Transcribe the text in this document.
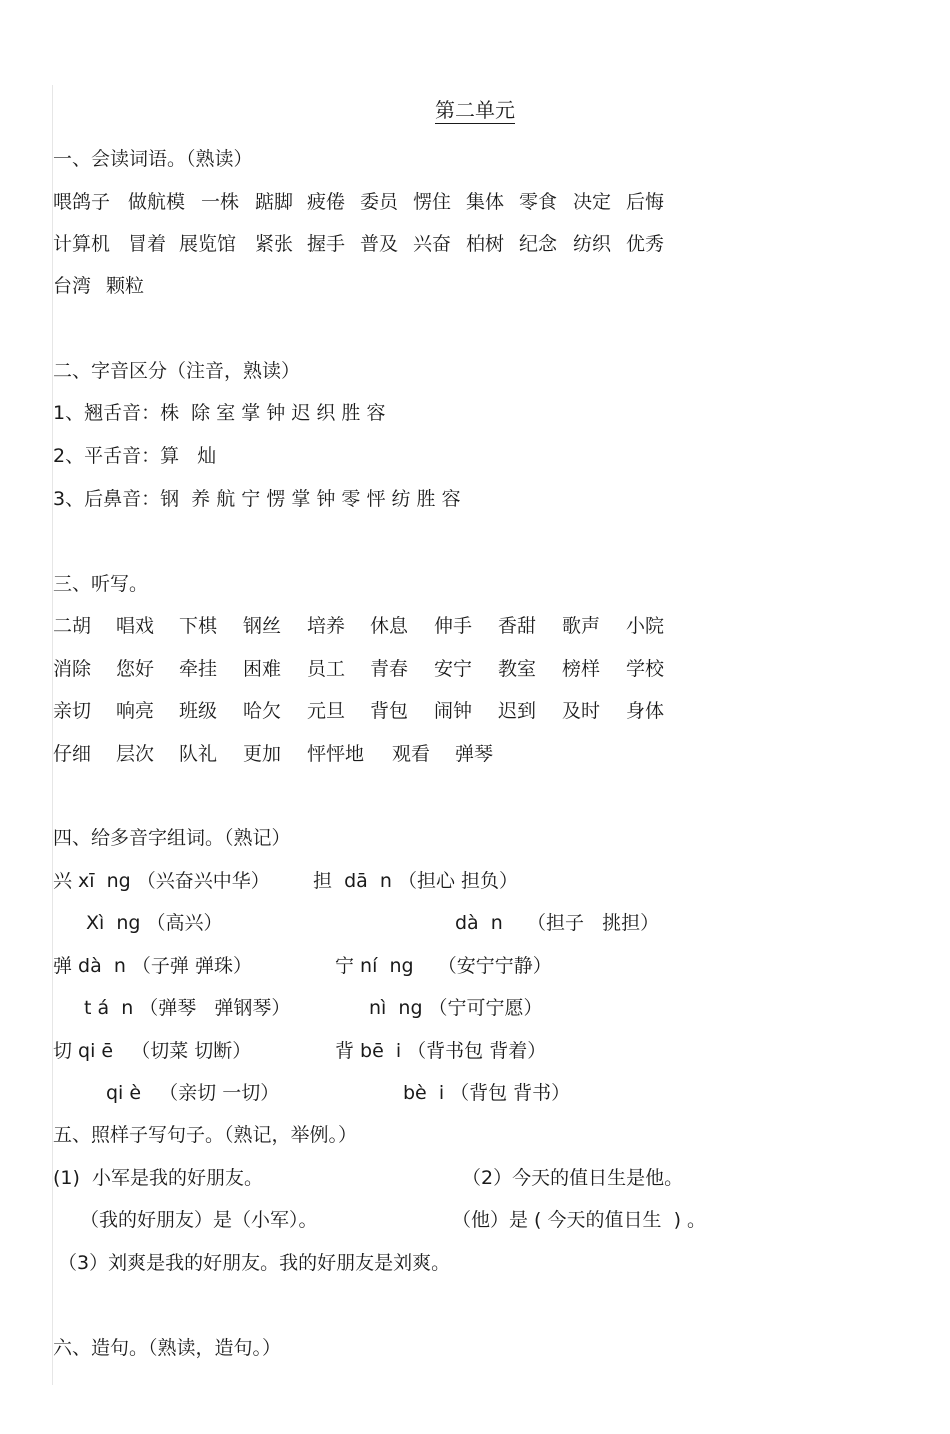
第二单元
一、会读词语。（熟读）
喂鸽子 做航模 一株 踮脚 疲倦 委员 愣住 集体 零食 决定 后悔
计算机 冒着 展览馆 紧张 握手 普及 兴奋 柏树 纪念 纺织 优秀
台湾 颗粒
二、字音区分（注音，熟读）
1、翘舌音：株  除 室 掌 钟 迟 织 胜 容
2、平舌音：算   灿
3、后鼻音：钢  养 航 宁 愣 掌 钟 零 怦 纺 胜 容
三、听写。
二胡 唱戏 下棋 钢丝 培养 休息 伸手 香甜 歌声 小院
消除 您好 牵挂 困难 员工 青春 安宁 教室 榜样 学校
亲切 响亮 班级 哈欠 元旦 背包 闹钟 迟到 及时 身体
仔细 层次 队礼 更加 怦怦地 观看 弹琴
四、给多音字组词。（熟记）
兴 xī  ng （兴奋兴中华） 担  dā  n （担心 担负）
Xì  ng （高兴）	dà  n    （担子   挑担）
弹 dà  n （子弹 弹珠）	宁 ní  ng    （安宁宁静）
t á  n （弹琴   弹钢琴）	nì  ng （宁可宁愿）
切 qi ē   （切菜 切断）	背 bē  i （背书包 背着）
qi è   （亲切 一切）	bè  i （背包 背书）
五、照样子写句子。（熟记，举例。）
(1)  小军是我的好朋友。	（2）今天的值日生是他。
（我的好朋友）是（小军）。	（他）是 ( 今天的值日生  ) 。
（3）刘爽是我的好朋友。我的好朋友是刘爽。
六、造句。（熟读，造句。）
